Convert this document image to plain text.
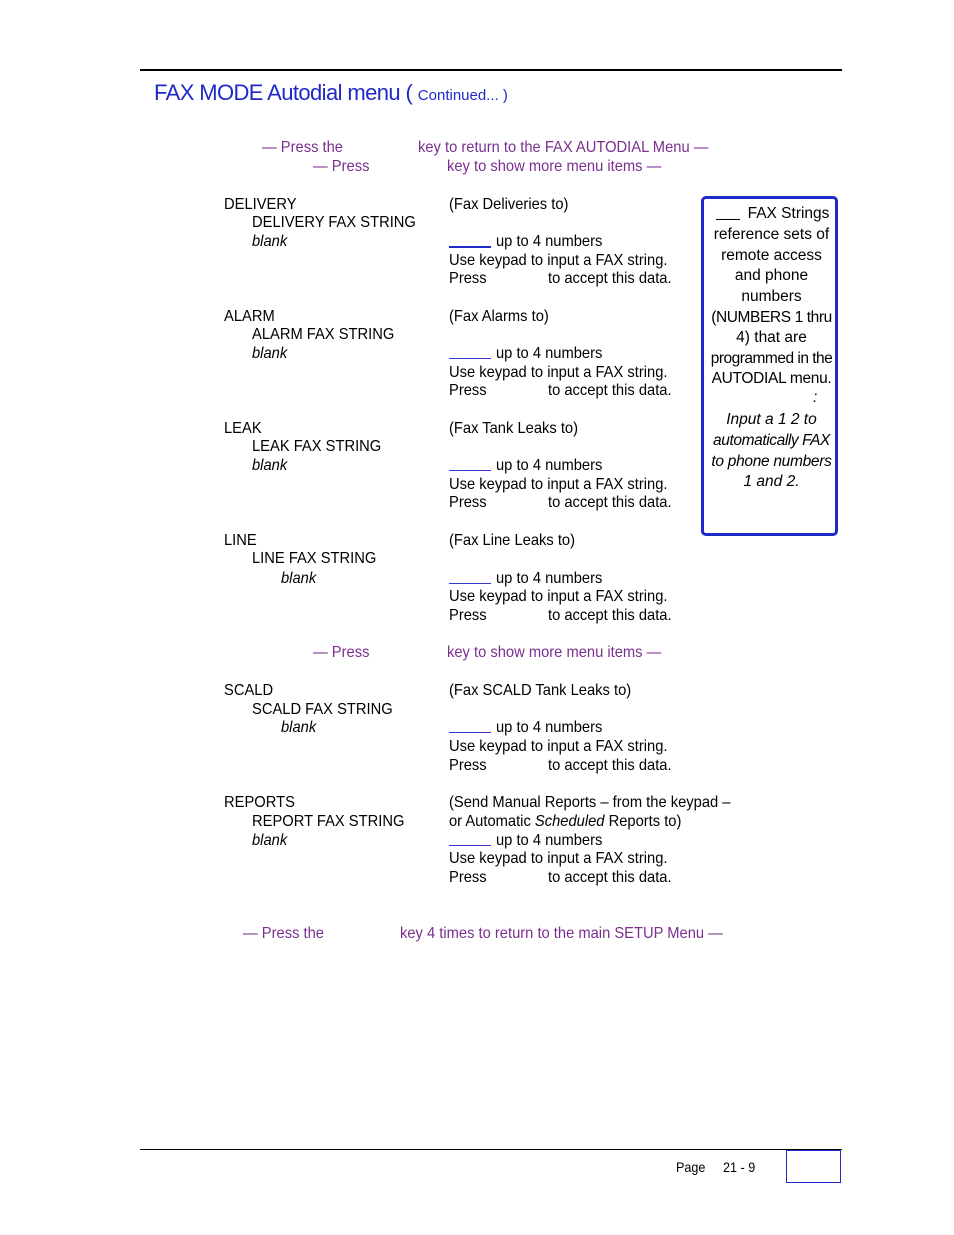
FAX MODE Autodial menu ( Continued... )
— Press the	key to return to the FAX AUTODIAL Menu —
— Press	key to show more menu items —
DELIVERY
DELIVERY FAX STRING
blank
(Fax Deliveries to)
up to 4 numbers
Use keypad to input a FAX string.
Press	to accept this data.
ALARM
ALARM FAX STRING
blank
(Fax Alarms to)
up to 4 numbers
Use keypad to input a FAX string.
Press	to accept this data.
LEAK
LEAK FAX STRING
blank
(Fax Tank Leaks to)
up to 4 numbers
Use keypad to input a FAX string.
Press	to accept this data.
LINE
LINE FAX STRING
blank
(Fax Line Leaks to)
up to 4 numbers
Use keypad to input a FAX string.
Press	to accept this data.
— Press	key to show more menu items —
SCALD
SCALD FAX STRING
blank
(Fax SCALD Tank Leaks to)
up to 4 numbers
Use keypad to input a FAX string.
Press	to accept this data.
REPORTS
REPORT FAX STRING
blank
(Send Manual Reports – from the keypad –
or Automatic Scheduled Reports to)
up to 4 numbers
Use keypad to input a FAX string.
Press	to accept this data.
— Press the	key 4 times to return to the main SETUP Menu —
FAX Strings
reference sets of
remote access
and phone
numbers
(NUMBERS 1 thru
4) that are
programmed in the
AUTODIAL menu.
:
Input a 1 2 to
automatically FAX
to phone numbers
1 and 2.
Page 21 - 9
